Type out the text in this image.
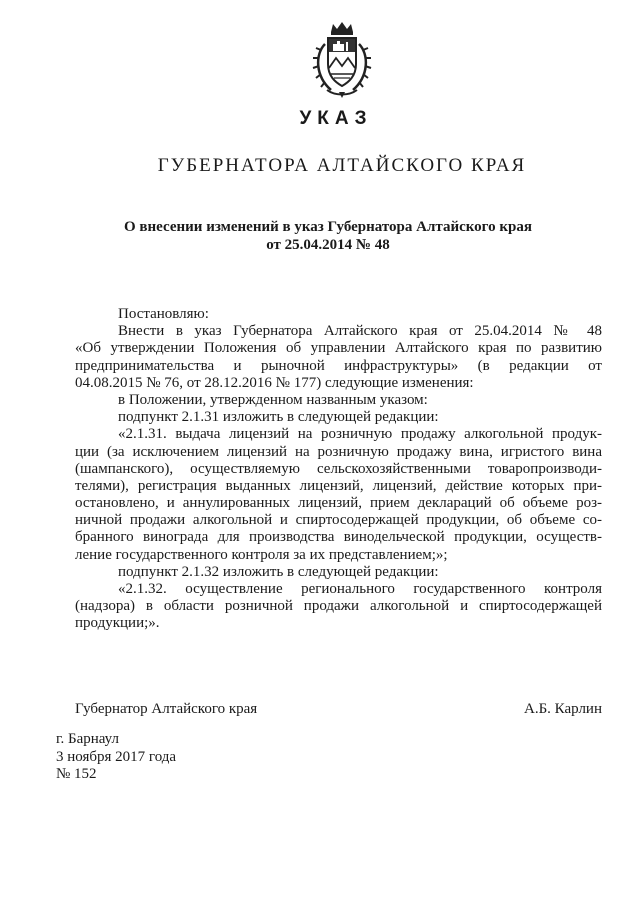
УКАЗ
ГУБЕРНАТОРА АЛТАЙСКОГО КРАЯ
О внесении изменений в указ Губернатора Алтайского края
от 25.04.2014 № 48
Постановляю:
Внести в указ Губернатора Алтайского края от 25.04.2014 № 48
«Об утверждении Положения об управлении Алтайского края по развитию
предпринимательства и рыночной инфраструктуры» (в редакции от
04.08.2015 № 76, от 28.12.2016 № 177) следующие изменения:
в Положении, утвержденном названным указом:
подпункт 2.1.31 изложить в следующей редакции:
«2.1.31. выдача лицензий на розничную продажу алкогольной продук-
ции (за исключением лицензий на розничную продажу вина, игристого вина
(шампанского), осуществляемую сельскохозяйственными товаропроизводи-
телями), регистрация выданных лицензий, лицензий, действие которых при-
остановлено, и аннулированных лицензий, прием деклараций об объеме роз-
ничной продажи алкогольной и спиртосодержащей продукции, об объеме со-
бранного винограда для производства винодельческой продукции, осуществ-
ление государственного контроля за их представлением;»;
подпункт 2.1.32 изложить в следующей редакции:
«2.1.32. осуществление регионального государственного контроля
(надзора) в области розничной продажи алкогольной и спиртосодержащей
продукции;».
Губернатор Алтайского края	А.Б. Карлин
г. Барнаул
3 ноября 2017 года
№ 152
